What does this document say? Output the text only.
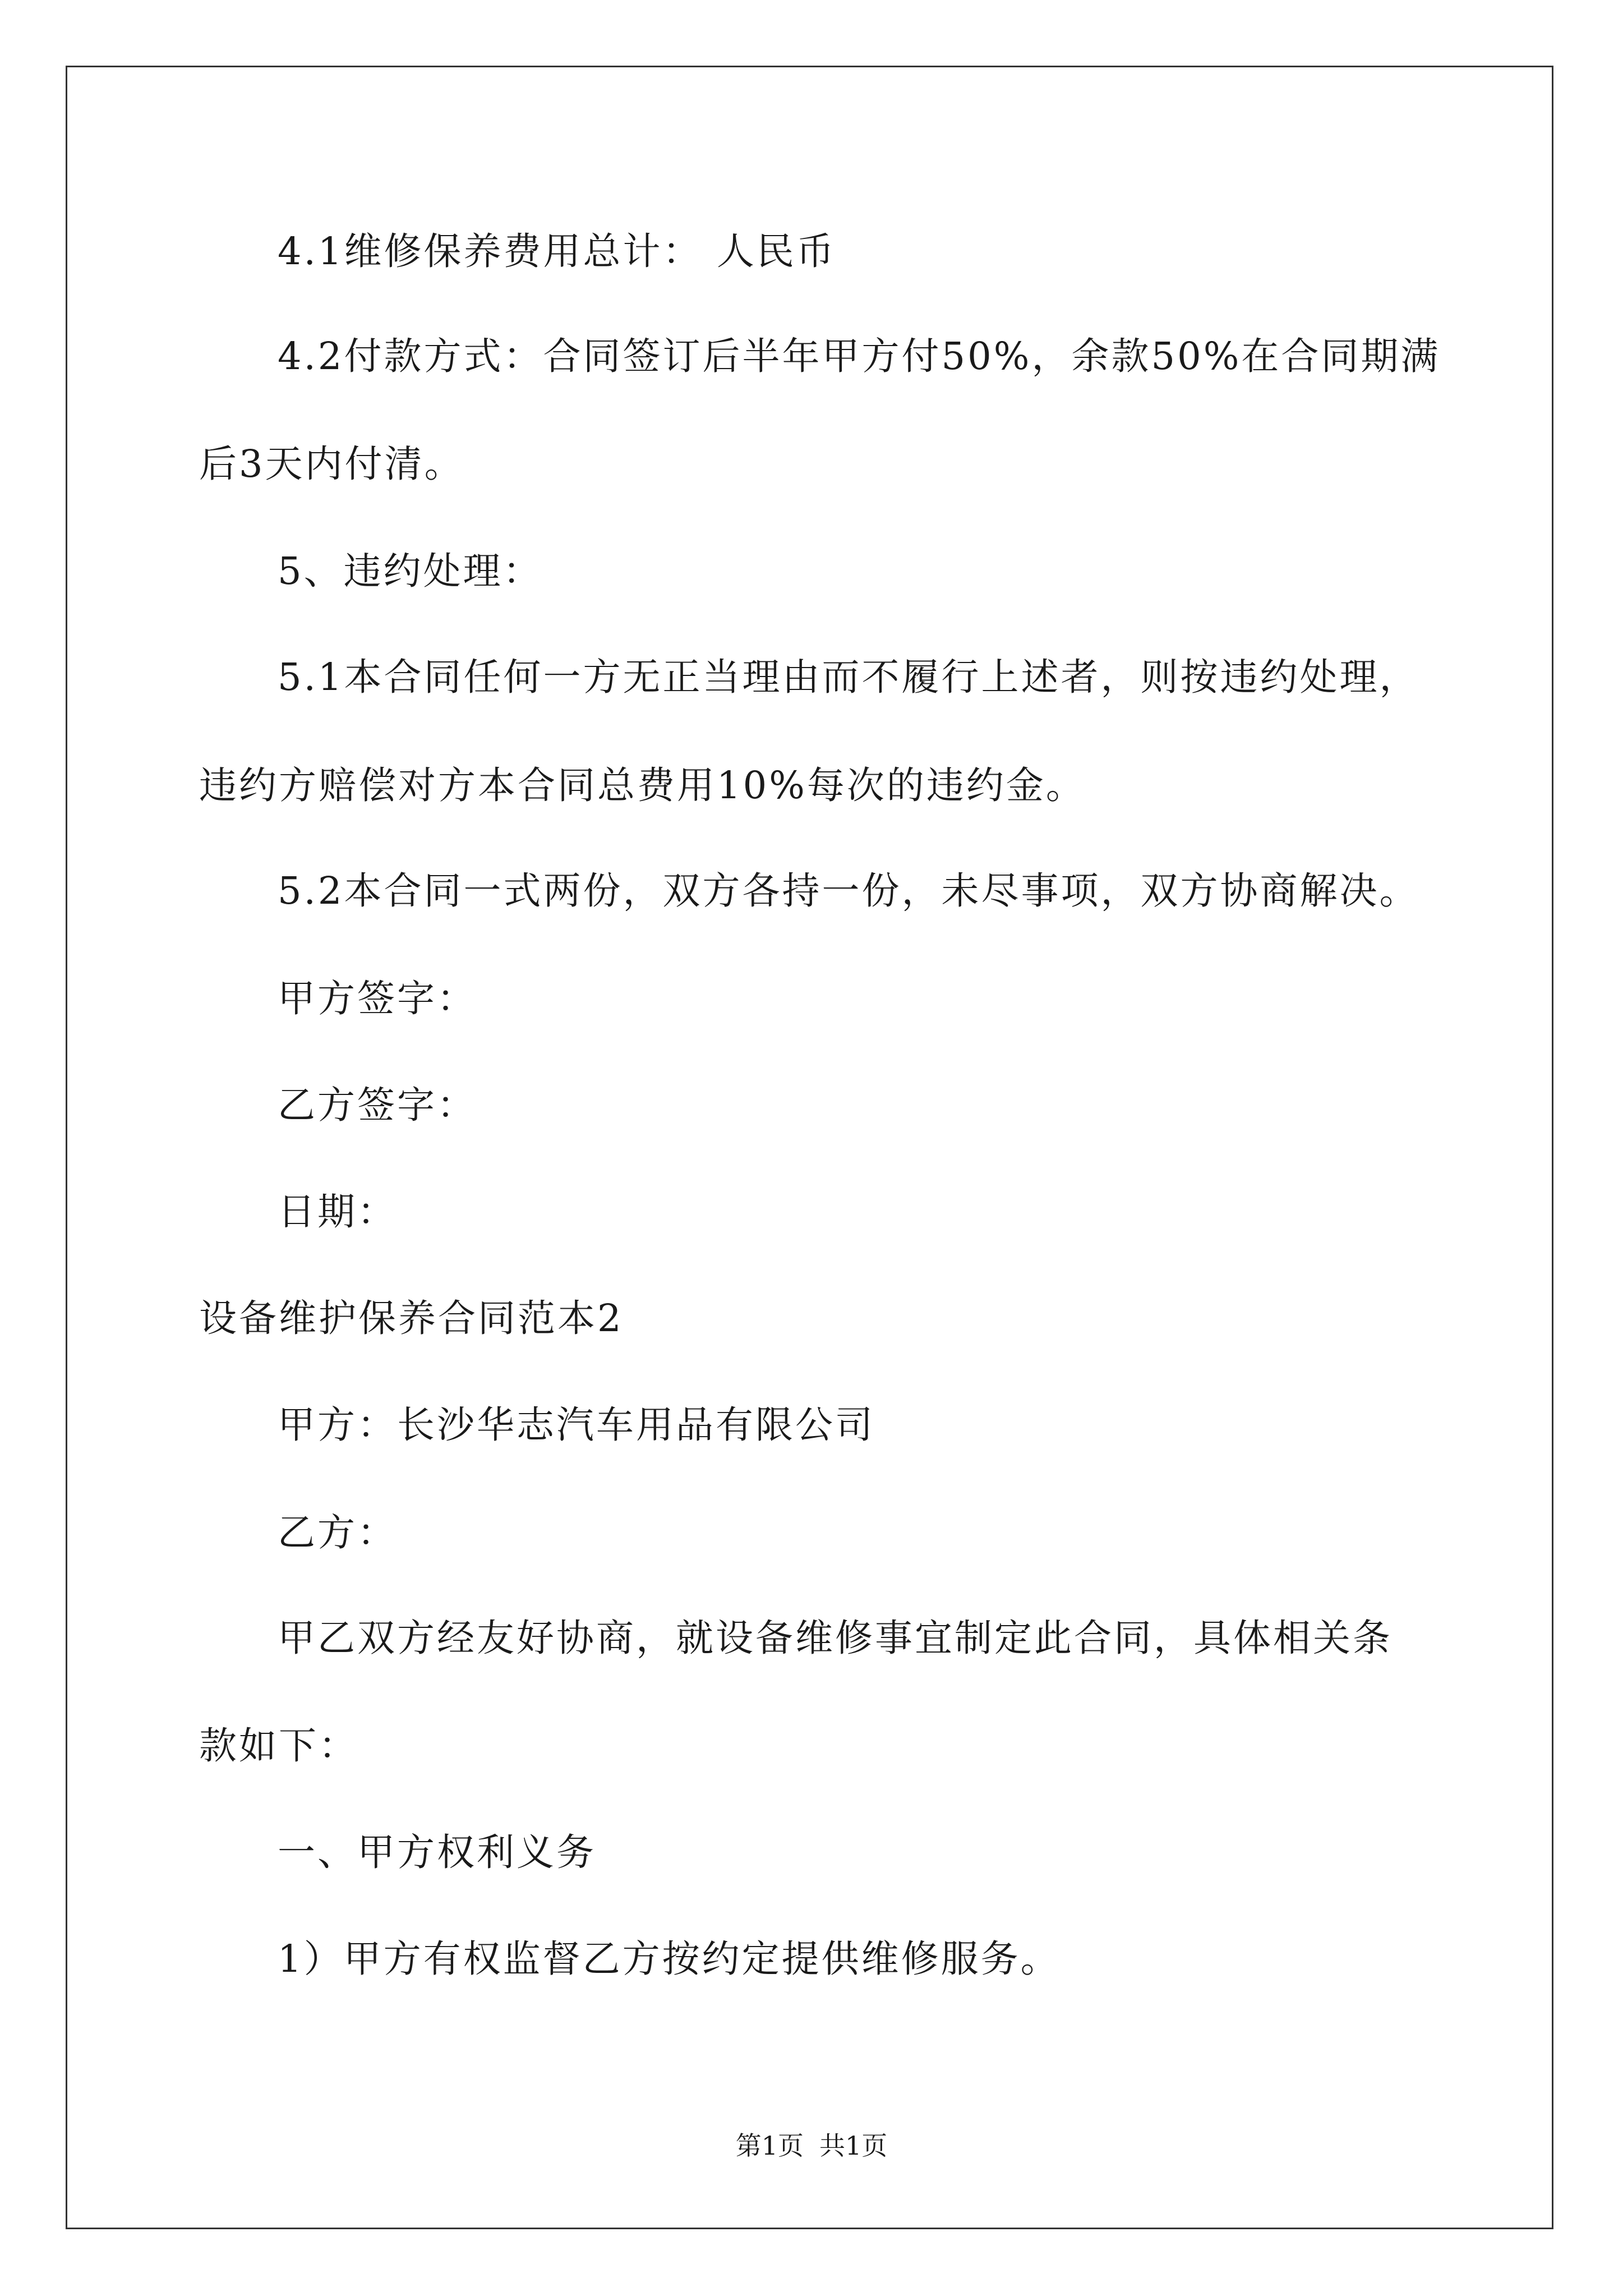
4.1维修保养费用总计： 人民币
4.2付款方式：合同签订后半年甲方付50%，余款50%在合同期满
后3天内付清。
5、违约处理：
5.1本合同任何一方无正当理由而不履行上述者，则按违约处理，
违约方赔偿对方本合同总费用10%每次的违约金。
5.2本合同一式两份，双方各持一份，未尽事项，双方协商解决。
甲方签字：
乙方签字：
日期：
设备维护保养合同范本2
甲方：长沙华志汽车用品有限公司
乙方：
甲乙双方经友好协商，就设备维修事宜制定此合同，具体相关条
款如下：
一、甲方权利义务
1）甲方有权监督乙方按约定提供维修服务。
第1页 共1页
